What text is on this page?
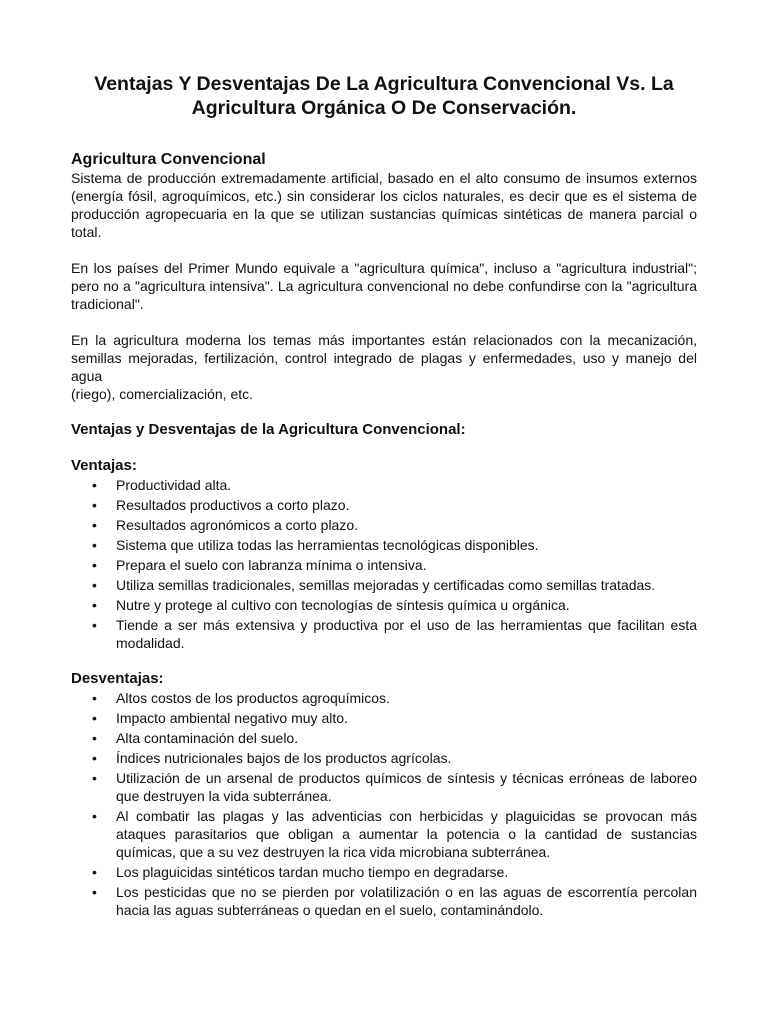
Ventajas Y Desventajas De La Agricultura Convencional Vs. La Agricultura Orgánica O De Conservación.
Agricultura Convencional

Sistema de producción extremadamente artificial, basado en el alto consumo de insumos externos (energía fósil, agroquímicos, etc.) sin considerar los ciclos naturales, es decir que es el sistema de producción agropecuaria en la que se utilizan sustancias químicas sintéticas de manera parcial o total.

En los países del Primer Mundo equivale a "agricultura química", incluso a "agricultura industrial"; pero no a "agricultura intensiva". La agricultura convencional no debe confundirse con la "agricultura tradicional".

En la agricultura moderna los temas más importantes están relacionados con la mecanización, semillas mejoradas, fertilización, control integrado de plagas y enfermedades, uso y manejo del agua

(riego), comercialización, etc.

Ventajas y Desventajas de la Agricultura Convencional:
Ventajas:
• Productividad alta.
• Resultados productivos a corto plazo.
• Resultados agronómicos a corto plazo.
• Sistema que utiliza todas las herramientas tecnológicas disponibles.
• Prepara el suelo con labranza mínima o intensiva.
• Utiliza semillas tradicionales, semillas mejoradas y certificadas como semillas tratadas.
• Nutre y protege al cultivo con tecnologías de síntesis química u orgánica.
• Tiende a ser más extensiva y productiva por el uso de las herramientas que facilitan esta modalidad.
Desventajas:
• Altos costos de los productos agroquímicos.
• Impacto ambiental negativo muy alto.
• Alta contaminación del suelo.
• Índices nutricionales bajos de los productos agrícolas.
• Utilización de un arsenal de productos químicos de síntesis y técnicas erróneas de laboreo que destruyen la vida subterránea.
• Al combatir las plagas y las adventicias con herbicidas y plaguicidas se provocan más ataques parasitarios que obligan a aumentar la potencia o la cantidad de sustancias químicas, que a su vez destruyen la rica vida microbiana subterránea.
• Los plaguicidas sintéticos tardan mucho tiempo en degradarse.
• Los pesticidas que no se pierden por volatilización o en las aguas de escorrentía percolan hacia las aguas subterráneas o quedan en el suelo, contaminándolo.
